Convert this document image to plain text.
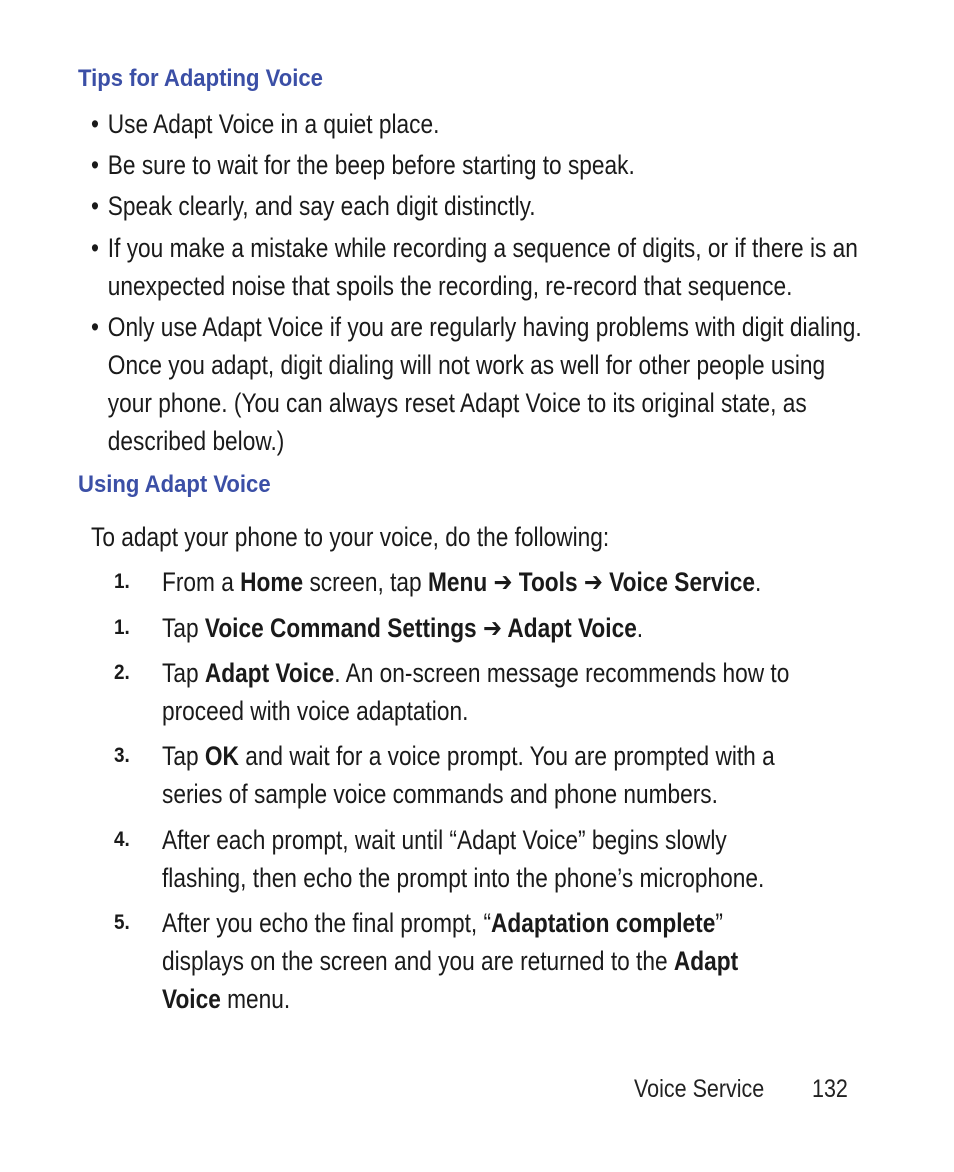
Tips for Adapting Voice
• Use Adapt Voice in a quiet place.
• Be sure to wait for the beep before starting to speak.
• Speak clearly, and say each digit distinctly.
• If you make a mistake while recording a sequence of digits, or if there is an
unexpected noise that spoils the recording, re-record that sequence.
• Only use Adapt Voice if you are regularly having problems with digit dialing.
Once you adapt, digit dialing will not work as well for other people using
your phone. (You can always reset Adapt Voice to its original state, as
described below.)
Using Adapt Voice
To adapt your phone to your voice, do the following:
1. From a Home screen, tap Menu ➔ Tools ➔ Voice Service.
1. Tap Voice Command Settings ➔ Adapt Voice.
2. Tap Adapt Voice. An on-screen message recommends how to
proceed with voice adaptation.
3. Tap OK and wait for a voice prompt. You are prompted with a
series of sample voice commands and phone numbers.
4. After each prompt, wait until “Adapt Voice” begins slowly
flashing, then echo the prompt into the phone’s microphone.
5. After you echo the final prompt, “Adaptation complete”
displays on the screen and you are returned to the Adapt
Voice menu.
Voice Service 132
